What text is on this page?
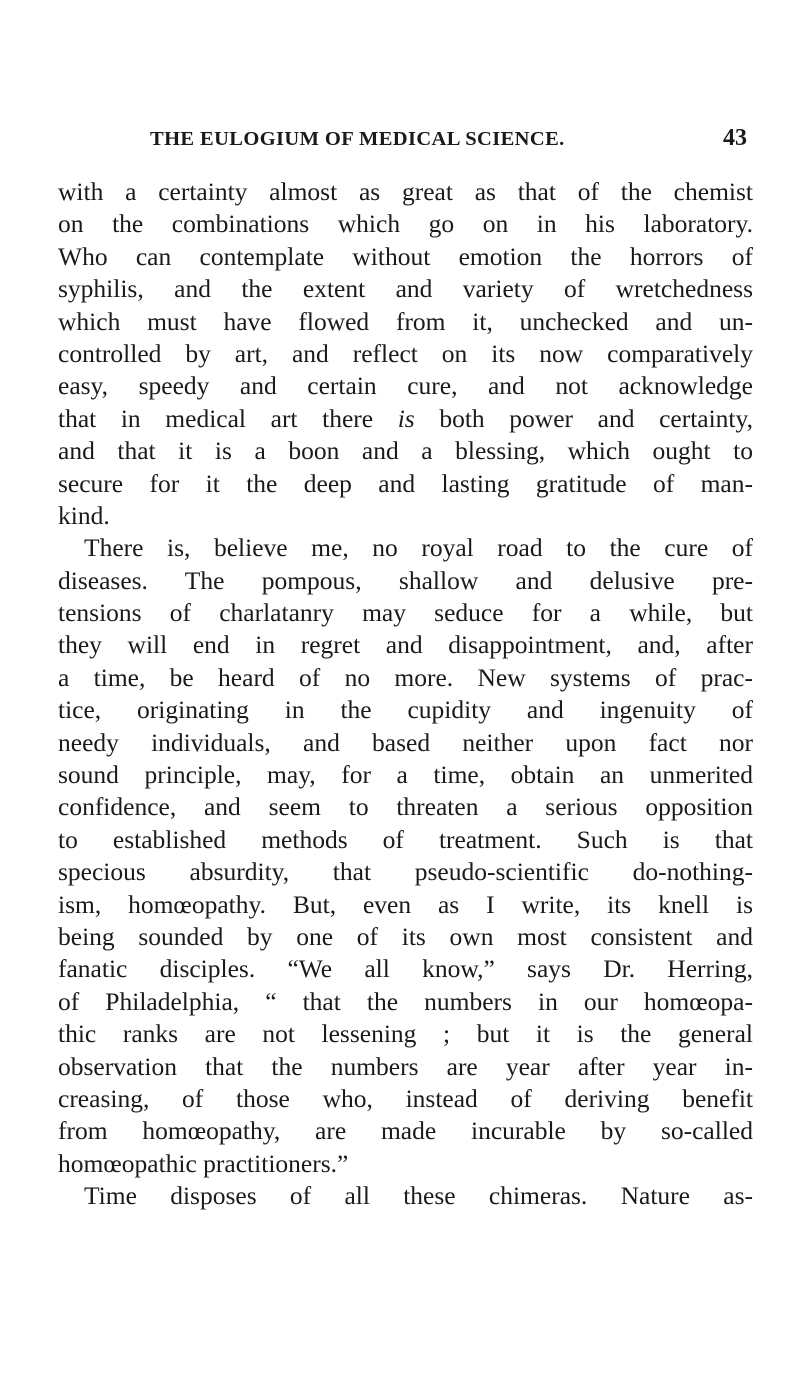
THE EULOGIUM OF MEDICAL SCIENCE.	43
with a certainty almost as great as that of the chemist
on the combinations which go on in his laboratory.
Who can contemplate without emotion the horrors of
syphilis, and the extent and variety of wretchedness
which must have flowed from it, unchecked and un-
controlled by art, and reflect on its now comparatively
easy, speedy and certain cure, and not acknowledge
that in medical art there is both power and certainty,
and that it is a boon and a blessing, which ought to
secure for it the deep and lasting gratitude of man-
kind.
There is, believe me, no royal road to the cure of
diseases. The pompous, shallow and delusive pre-
tensions of charlatanry may seduce for a while, but
they will end in regret and disappointment, and, after
a time, be heard of no more. New systems of prac-
tice, originating in the cupidity and ingenuity of
needy individuals, and based neither upon fact nor
sound principle, may, for a time, obtain an unmerited
confidence, and seem to threaten a serious opposition
to established methods of treatment. Such is that
specious absurdity, that pseudo-scientific do-nothing-
ism, homœopathy. But, even as I write, its knell is
being sounded by one of its own most consistent and
fanatic disciples. “We all know,” says Dr. Herring,
of Philadelphia, “ that the numbers in our homœopa-
thic ranks are not lessening ; but it is the general
observation that the numbers are year after year in-
creasing, of those who, instead of deriving benefit
from homœopathy, are made incurable by so-called
homœopathic practitioners.”
Time disposes of all these chimeras. Nature as-
